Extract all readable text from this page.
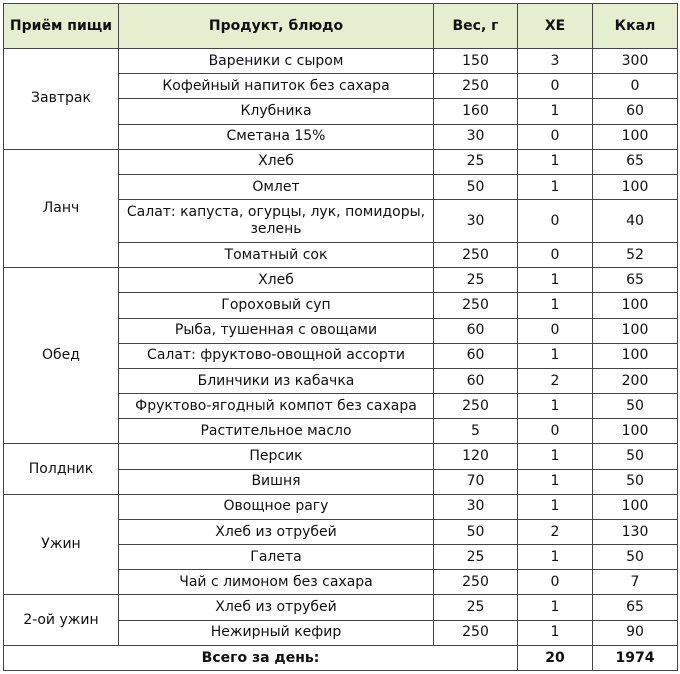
Приём пищи	Продукт, блюдо	Вес, г	ХЕ	Ккал
Завтрак	Вареники с сыром	150	3	300
	Кофейный напиток без сахара	250	0	0
	Клубника	160	1	60
	Сметана 15%	30	0	100
Ланч	Хлеб	25	1	65
	Омлет	50	1	100
	Салат: капуста, огурцы, лук, помидоры, зелень	30	0	40
	Томатный сок	250	0	52
Обед	Хлеб	25	1	65
	Гороховый суп	250	1	100
	Рыба, тушенная с овощами	60	0	100
	Салат: фруктово-овощной ассорти	60	1	100
	Блинчики из кабачка	60	2	200
	Фруктово-ягодный компот без сахара	250	1	50
	Растительное масло	5	0	100
Полдник	Персик	120	1	50
	Вишня	70	1	50
Ужин	Овощное рагу	30	1	100
	Хлеб из отрубей	50	2	130
	Галета	25	1	50
	Чай с лимоном без сахара	250	0	7
2-ой ужин	Хлеб из отрубей	25	1	65
	Нежирный кефир	250	1	90
Всего за день:			20	1974
